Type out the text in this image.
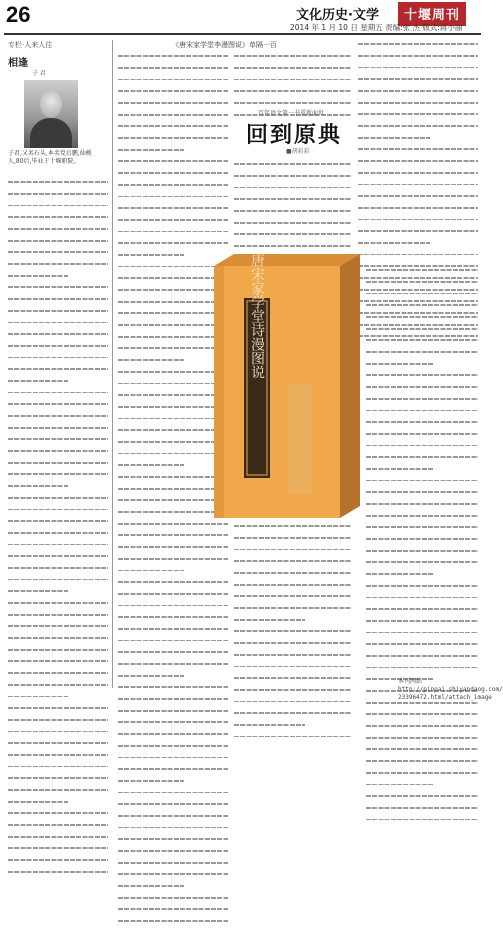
26	文化历史·文学	十堰周刊
2014 年 1 月 10 日 星期五 责编:张 杰 版式:蒋小丽
专栏·人来人往
相逢
子 君
子君,又名石头,本名党启鹏,仙桃人,80后,毕业于十堰职院。
《唐宋家学堂李漫图说》单隔一百
百年语文第一书重新面世
回到原典
■胡彩彩
唐宋家学堂诗漫图说
本刊网站
http://pinpai.shiyandaog.com/
23396472.html/attach_image
